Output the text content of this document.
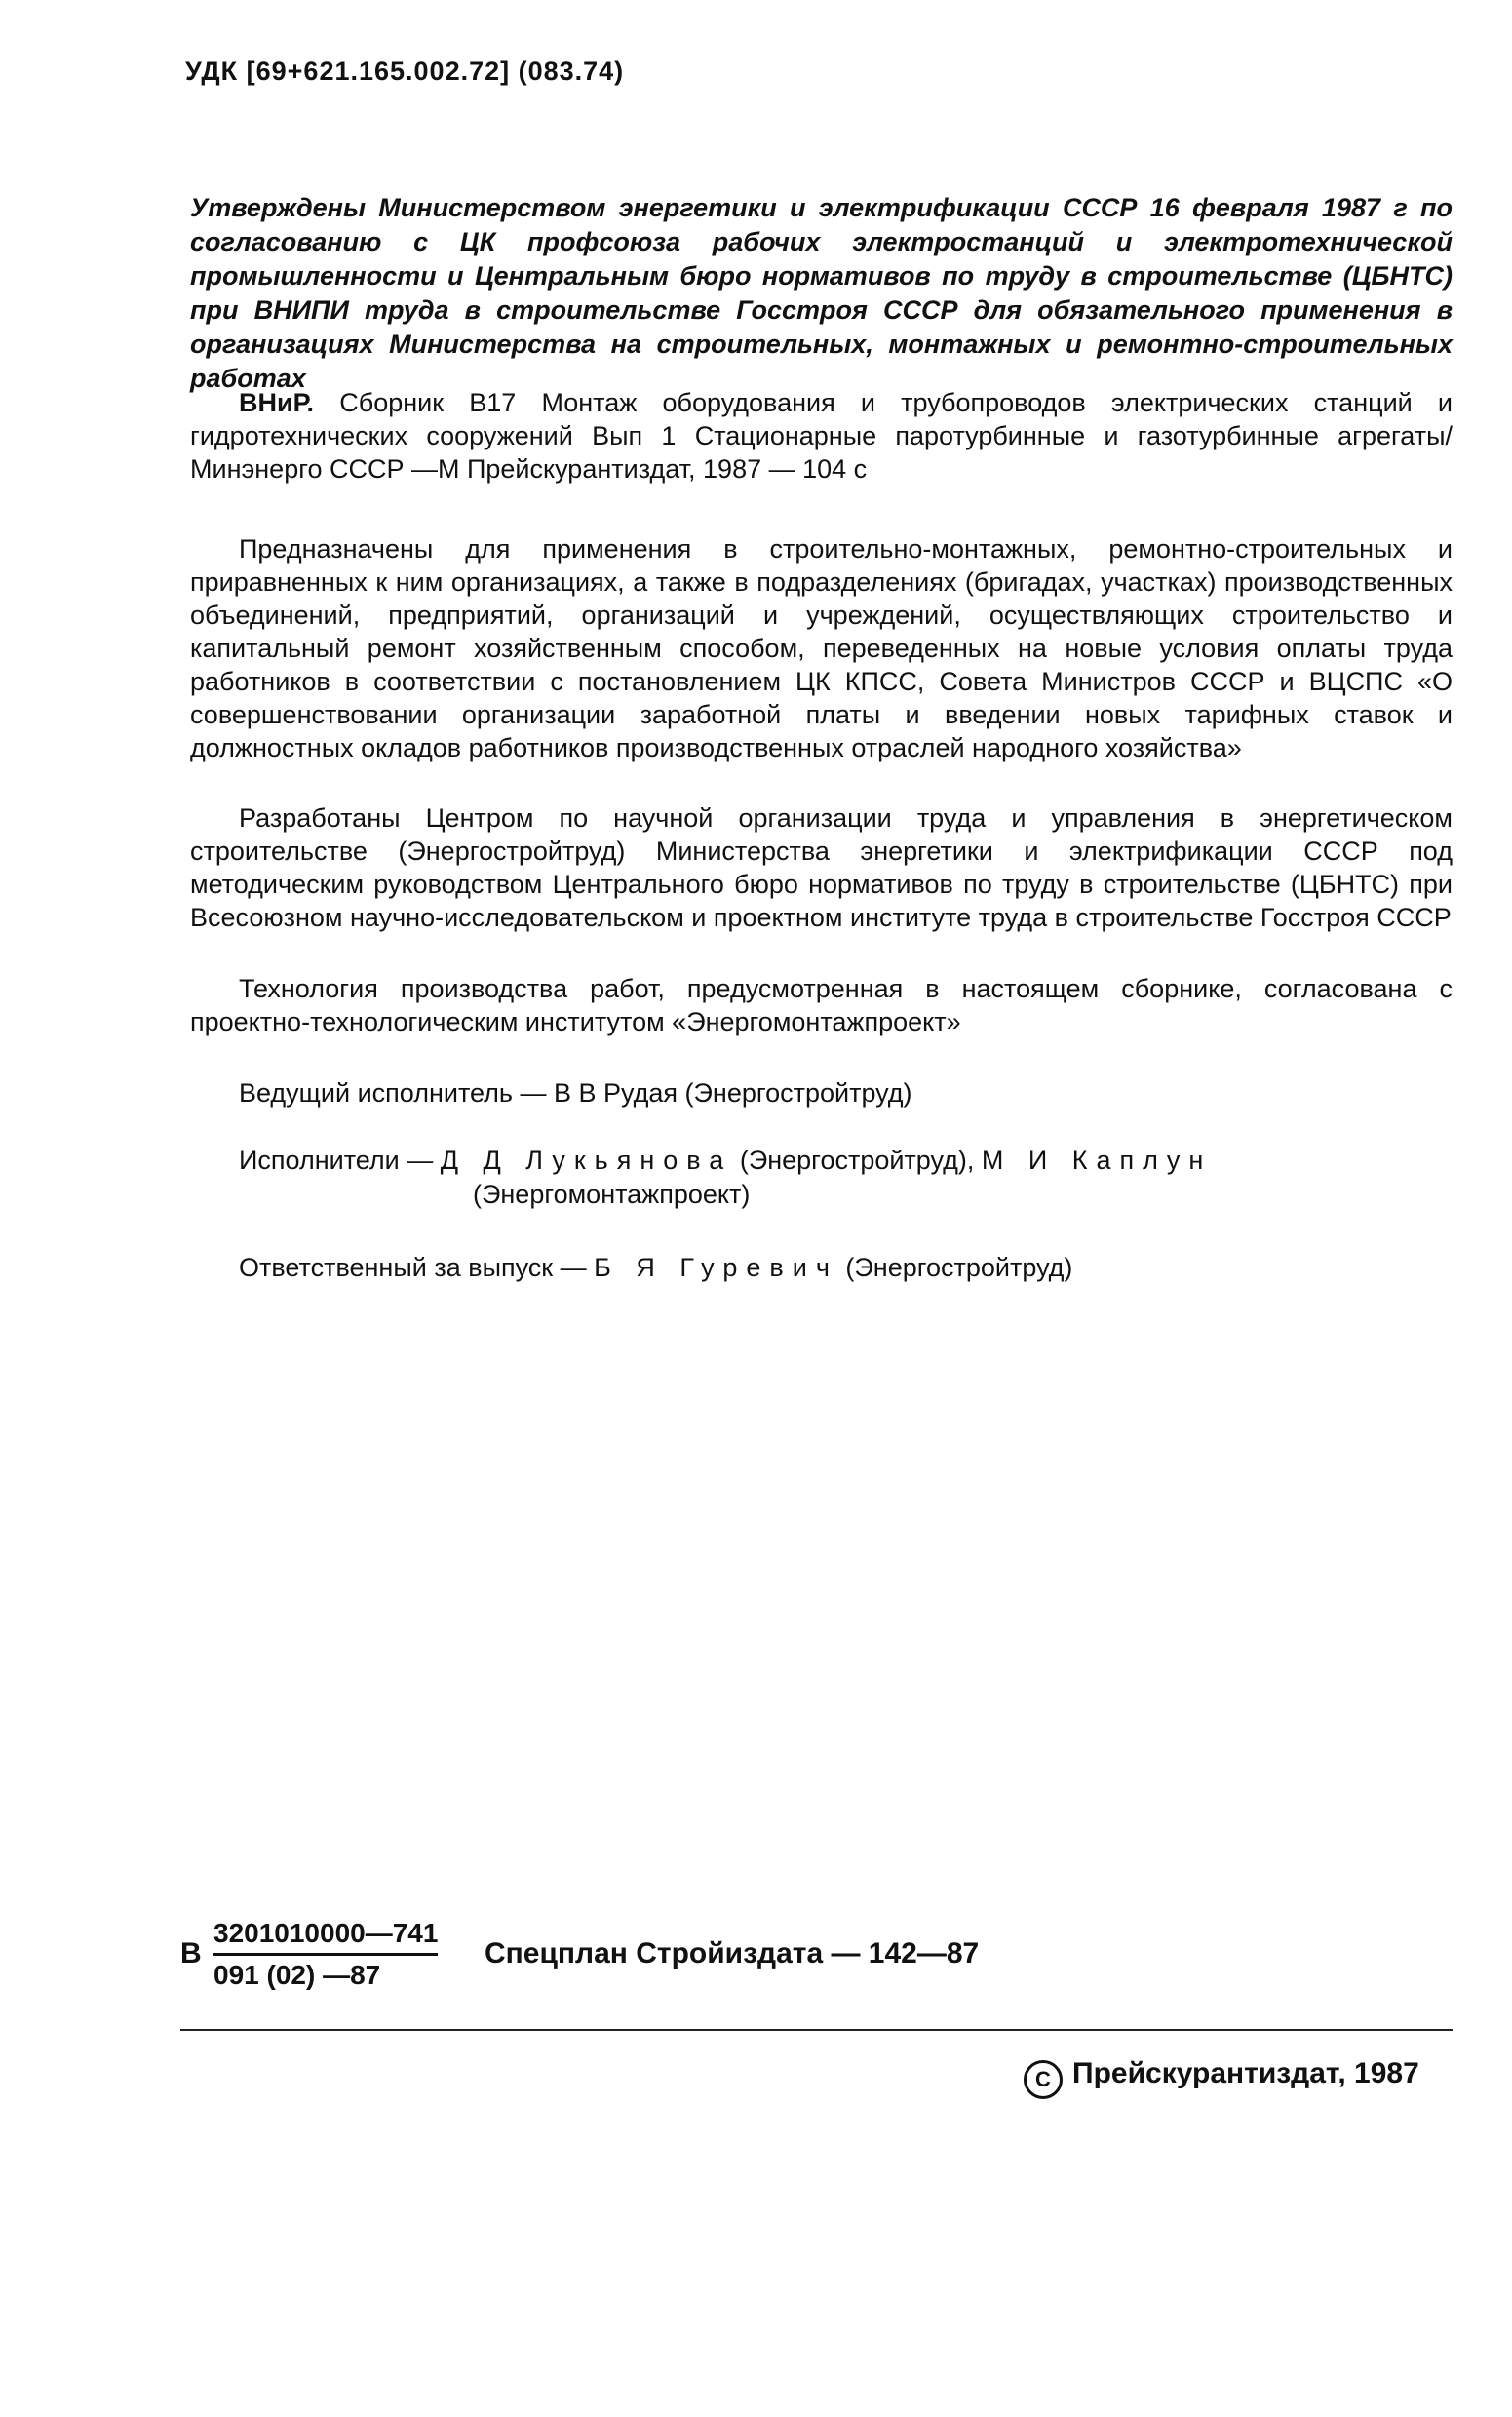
УДК [69+621.165.002.72] (083.74)
Утверждены Министерством энергетики и электрификации СССР 16 февраля 1987 г по согласованию с ЦК профсоюза рабочих электростанций и электротехнической промышленности и Центральным бюро нормативов по труду в строительстве (ЦБНТС) при ВНИПИ труда в строительстве Госстроя СССР для обязательного применения в организациях Министерства на строительных, монтажных и ремонтно-строительных работах
ВНиР. Сборник В17 Монтаж оборудования и трубопроводов электрических станций и гидротехнических сооружений Вып 1 Стационарные паротурбинные и газотурбинные агрегаты/Минэнерго СССР —М Прейскурантиздат, 1987 — 104 с
Предназначены для применения в строительно-монтажных, ремонтно-строительных и приравненных к ним организациях, а также в подразделениях (бригадах, участках) производственных объединений, предприятий, организаций и учреждений, осуществляющих строительство и капитальный ремонт хозяйственным способом, переведенных на новые условия оплаты труда работников в соответствии с постановлением ЦК КПСС, Совета Министров СССР и ВЦСПС «О совершенствовании организации заработной платы и введении новых тарифных ставок и должностных окладов работников производственных отраслей народного хозяйства»
Разработаны Центром по научной организации труда и управления в энергетическом строительстве (Энергостройтруд) Министерства энергетики и электрификации СССР под методическим руководством Центрального бюро нормативов по труду в строительстве (ЦБНТС) при Всесоюзном научно-исследовательском и проектном институте труда в строительстве Госстроя СССР
Технология производства работ, предусмотренная в настоящем сборнике, согласована с проектно-технологическим институтом «Энергомонтажпроект»
Ведущий исполнитель — В В Рудая (Энергостройтруд)
Исполнители — Д Д Лукьянова (Энергостройтруд), М И Каплун
(Энергомонтажпроект)
Ответственный за выпуск — Б Я Гуревич (Энергостройтруд)
В $\frac{3201010000—741}{091 (02) —87}$ Спецплан Стройиздата — 142—87
C Прейскурантиздат, 1987
